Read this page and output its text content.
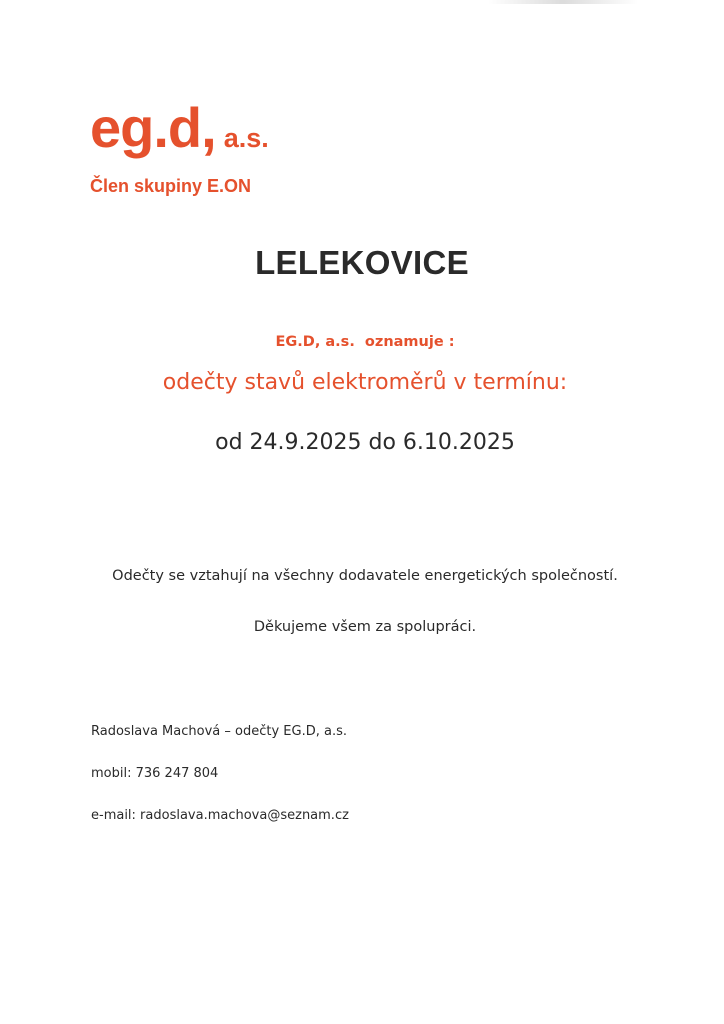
eg.d, a.s.
Člen skupiny E.ON
LELEKOVICE
EG.D, a.s.  oznamuje :
odečty stavů elektroměrů v termínu:
od 24.9.2025 do 6.10.2025
Odečty se vztahují na všechny dodavatele energetických společností.
Děkujeme všem za spolupráci.
Radoslava Machová – odečty EG.D, a.s.
mobil: 736 247 804
e-mail: radoslava.machova@seznam.cz
